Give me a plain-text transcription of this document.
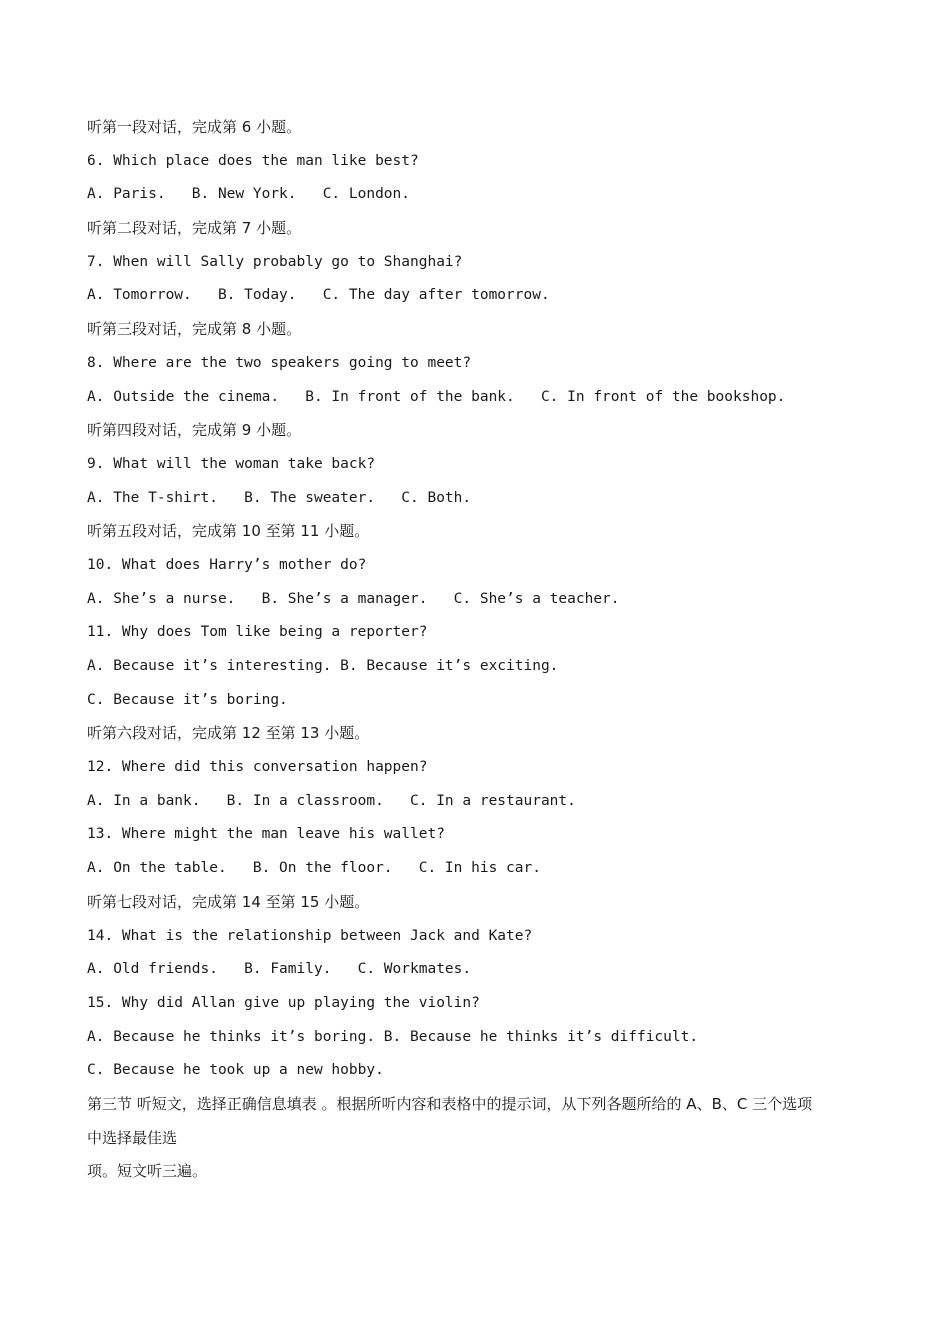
听第一段对话，完成第 6 小题。
6. Which place does the man like best?
A. Paris.   B. New York.   C. London.
听第二段对话，完成第 7 小题。
7. When will Sally probably go to Shanghai?
A. Tomorrow.   B. Today.   C. The day after tomorrow.
听第三段对话，完成第 8 小题。
8. Where are the two speakers going to meet?
A. Outside the cinema.   B. In front of the bank.   C. In front of the bookshop.
听第四段对话，完成第 9 小题。
9. What will the woman take back?
A. The T-shirt.   B. The sweater.   C. Both.
听第五段对话，完成第 10 至第 11 小题。
10. What does Harry’s mother do?
A. She’s a nurse.   B. She’s a manager.   C. She’s a teacher.
11. Why does Tom like being a reporter?
A. Because it’s interesting. B. Because it’s exciting.
C. Because it’s boring.
听第六段对话，完成第 12 至第 13 小题。
12. Where did this conversation happen?
A. In a bank.   B. In a classroom.   C. In a restaurant.
13. Where might the man leave his wallet?
A. On the table.   B. On the floor.   C. In his car.
听第七段对话，完成第 14 至第 15 小题。
14. What is the relationship between Jack and Kate?
A. Old friends.   B. Family.   C. Workmates.
15. Why did Allan give up playing the violin?
A. Because he thinks it’s boring. B. Because he thinks it’s difficult.
C. Because he took up a new hobby.
第三节 听短文，选择正确信息填表 。根据所听内容和表格中的提示词，从下列各题所给的 A、B、C 三个选项
中选择最佳选
项。短文听三遍。
